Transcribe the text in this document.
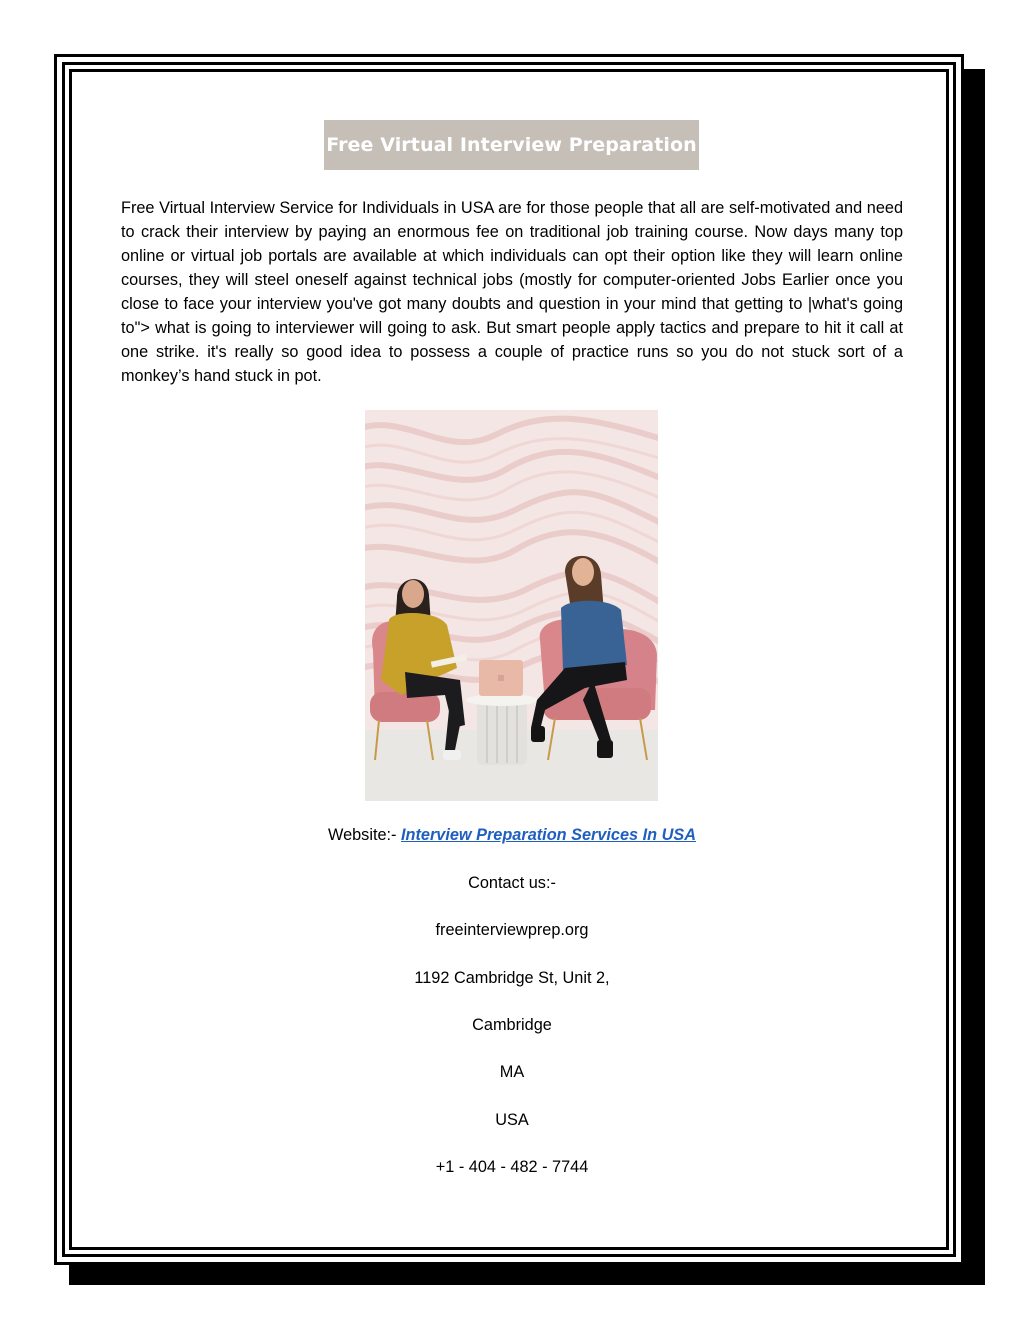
Free Virtual Interview Preparation
Free Virtual Interview Service for Individuals in USA are for those people that all are self-motivated and need to crack their interview by paying an enormous fee on traditional job training course. Now days many top online or virtual job portals are available at which individuals can opt their option like they will learn online courses, they will steel oneself against technical jobs (mostly for computer-oriented Jobs Earlier once you close to face your interview you've got many doubts and question in your mind that getting to |what's going to"> what is going to interviewer will going to ask. But smart people apply tactics and prepare to hit it call at one strike. it's really so good idea to possess a couple of practice runs so you do not stuck sort of a monkey’s hand stuck in pot.
Website:- Interview Preparation Services In USA
Contact us:-
freeinterviewprep.org
1192 Cambridge St, Unit 2,
Cambridge
MA
USA
+1 - 404 - 482 - 7744
